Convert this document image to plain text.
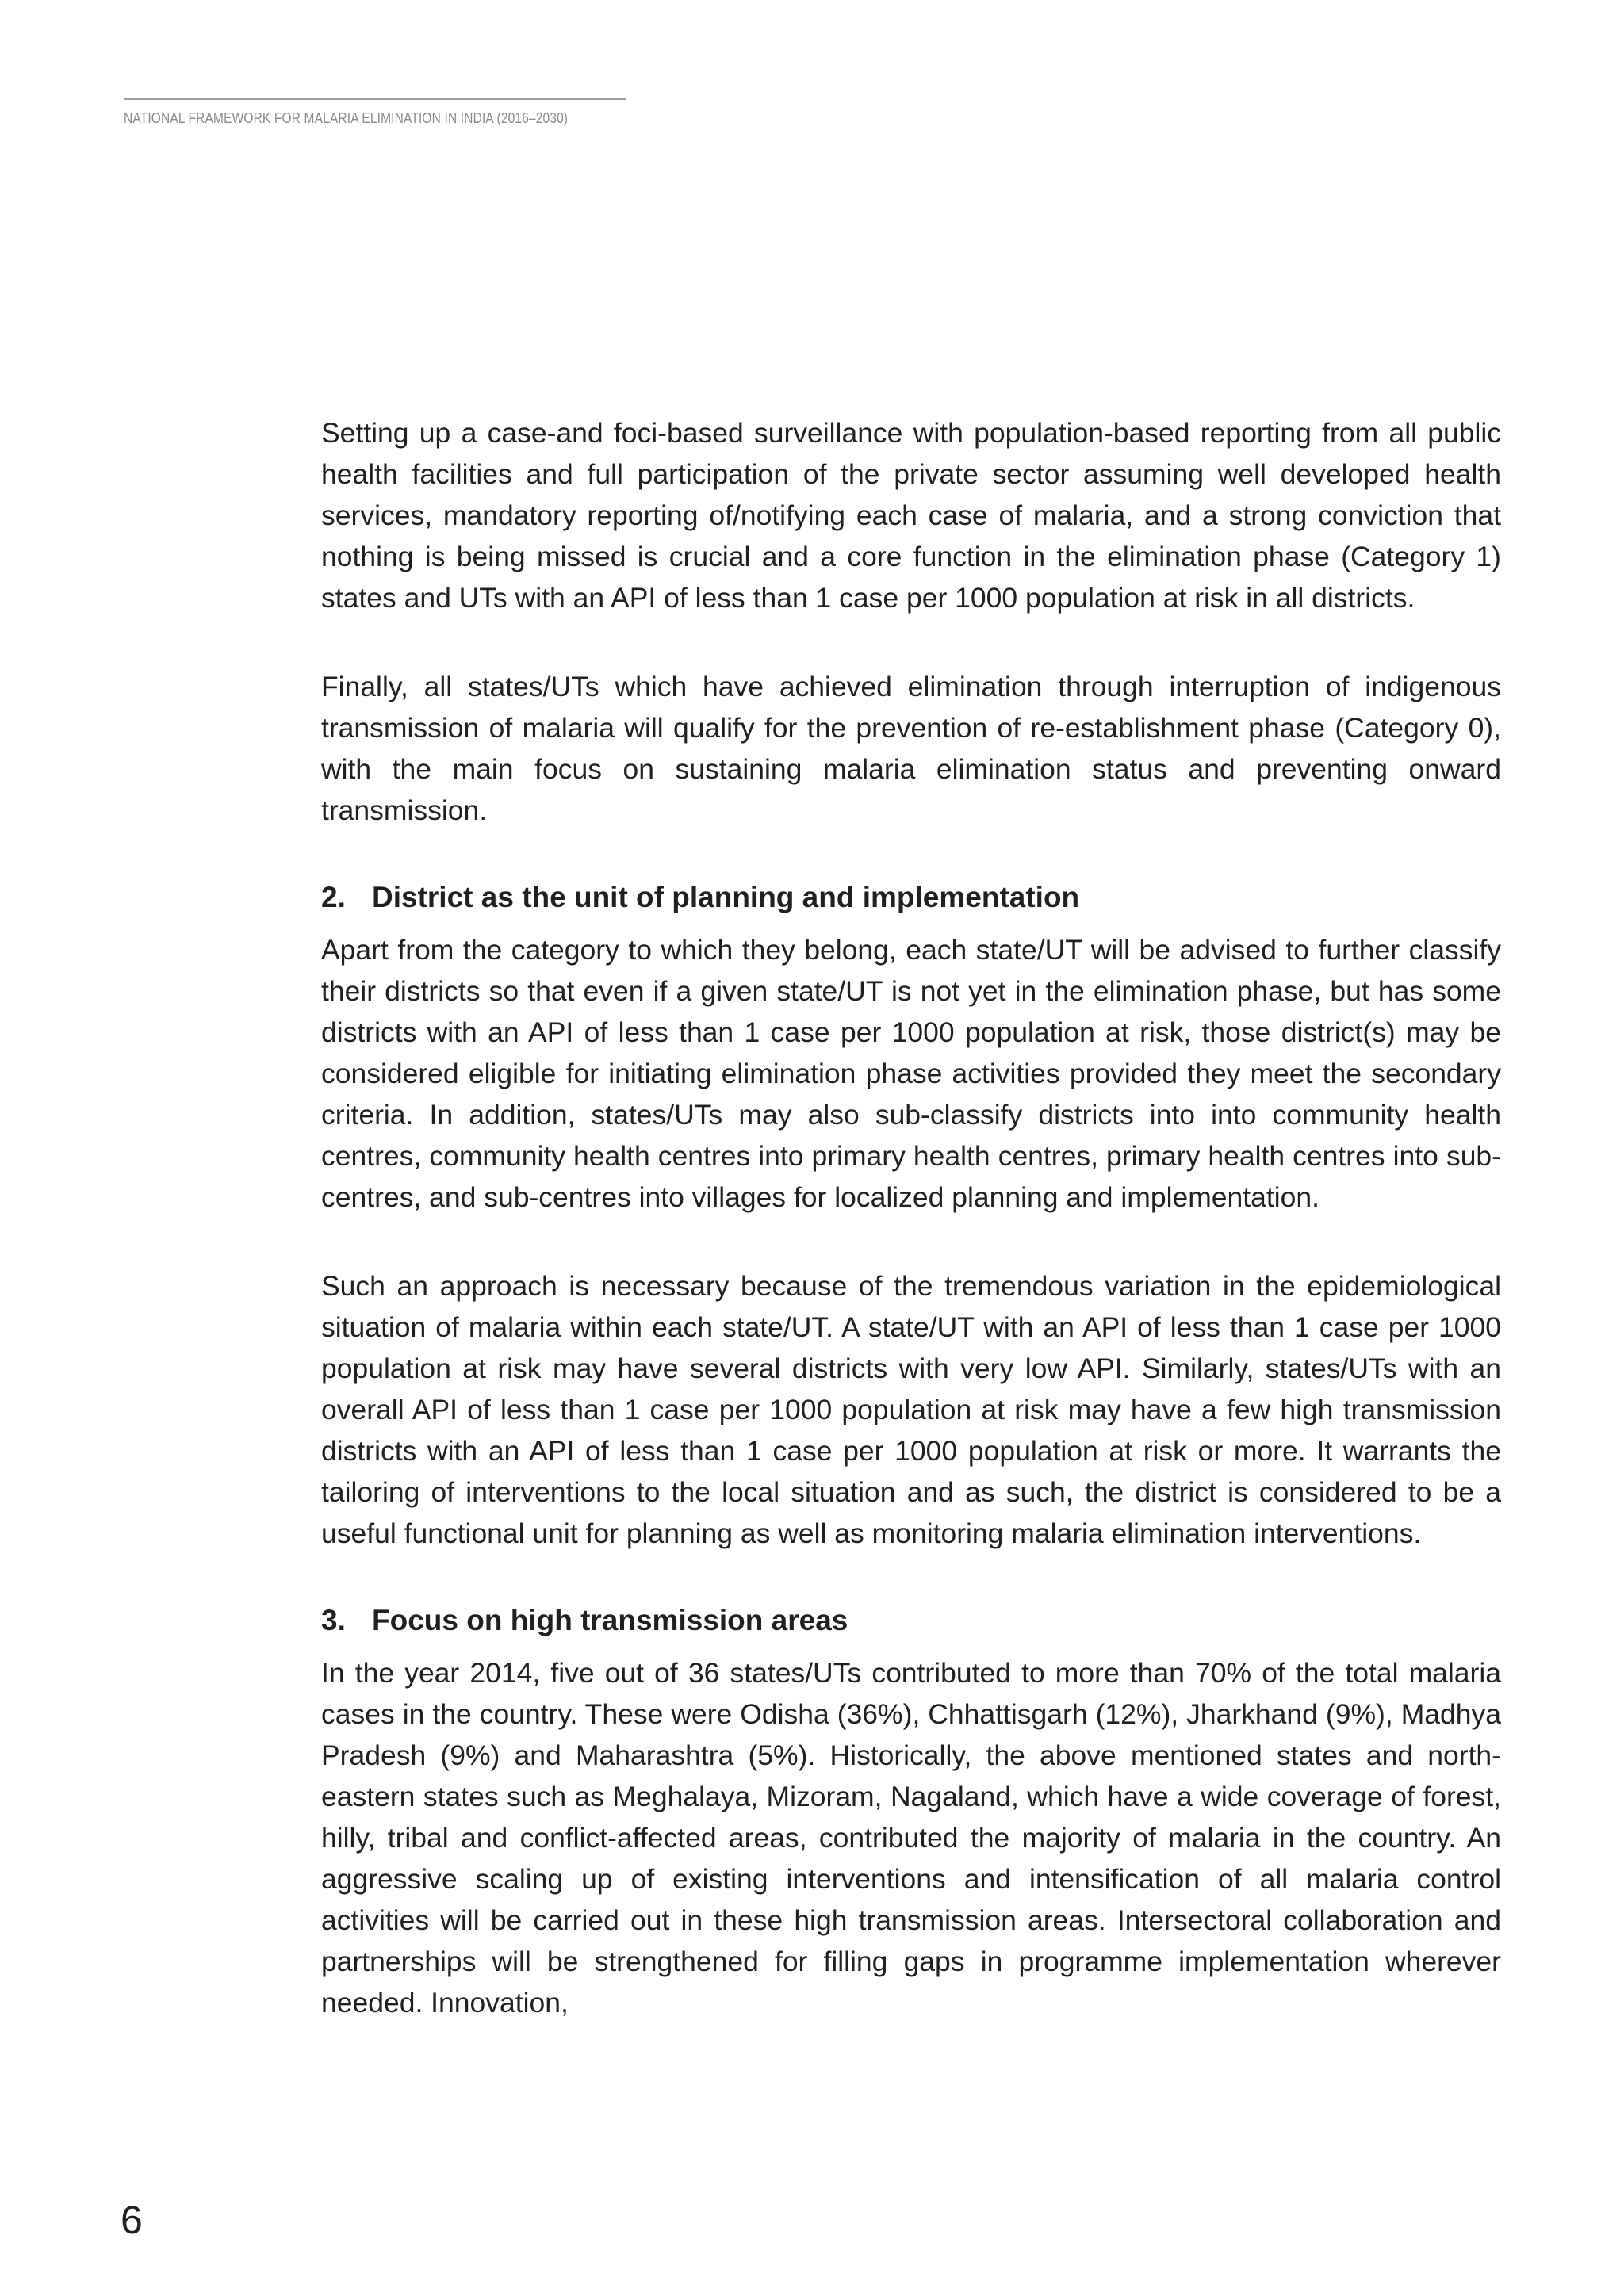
NATIONAL FRAMEWORK FOR MALARIA ELIMINATION IN INDIA (2016–2030)

Setting up a case-and foci-based surveillance with population-based reporting from all public health facilities and full participation of the private sector assuming well developed health services, mandatory reporting of/notifying each case of malaria, and a strong conviction that nothing is being missed is crucial and a core function in the elimination phase (Category 1) states and UTs with an API of less than 1 case per 1000 population at risk in all districts.

Finally, all states/UTs which have achieved elimination through interruption of indigenous transmission of malaria will qualify for the prevention of re-establishment phase (Category 0), with the main focus on sustaining malaria elimination status and preventing onward transmission.

2. District as the unit of planning and implementation

Apart from the category to which they belong, each state/UT will be advised to further classify their districts so that even if a given state/UT is not yet in the elimination phase, but has some districts with an API of less than 1 case per 1000 population at risk, those district(s) may be considered eligible for initiating elimination phase activities provided they meet the secondary criteria. In addition, states/UTs may also sub-classify districts into into community health centres, community health centres into primary health centres, primary health centres into sub-centres, and sub-centres into villages for localized planning and implementation.

Such an approach is necessary because of the tremendous variation in the epidemiological situation of malaria within each state/UT. A state/UT with an API of less than 1 case per 1000 population at risk may have several districts with very low API. Similarly, states/UTs with an overall API of less than 1 case per 1000 population at risk may have a few high transmission districts with an API of less than 1 case per 1000 population at risk or more. It warrants the tailoring of interventions to the local situation and as such, the district is considered to be a useful functional unit for planning as well as monitoring malaria elimination interventions.

3. Focus on high transmission areas

In the year 2014, five out of 36 states/UTs contributed to more than 70% of the total malaria cases in the country. These were Odisha (36%), Chhattisgarh (12%), Jharkhand (9%), Madhya Pradesh (9%) and Maharashtra (5%). Historically, the above mentioned states and north-eastern states such as Meghalaya, Mizoram, Nagaland, which have a wide coverage of forest, hilly, tribal and conflict-affected areas, contributed the majority of malaria in the country. An aggressive scaling up of existing interventions and intensification of all malaria control activities will be carried out in these high transmission areas. Intersectoral collaboration and partnerships will be strengthened for filling gaps in programme implementation wherever needed. Innovation,

6
